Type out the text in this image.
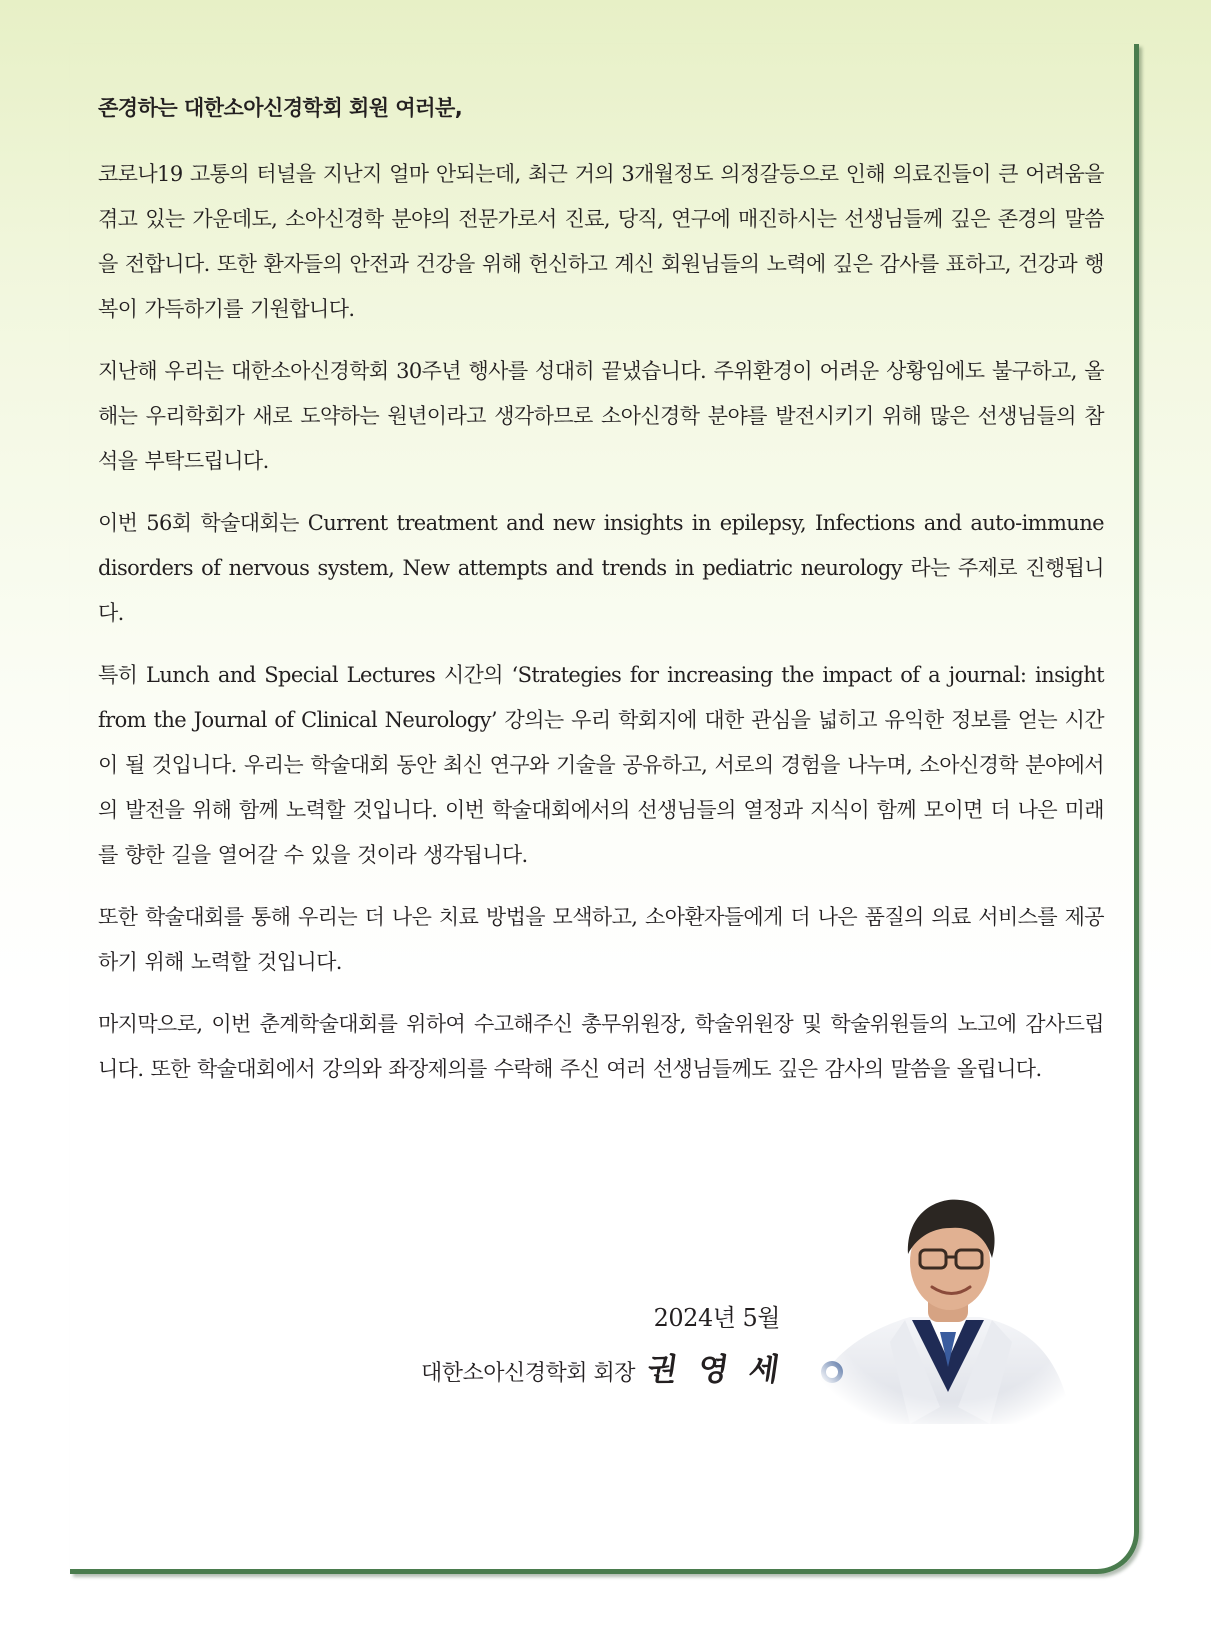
존경하는 대한소아신경학회 회원 여러분,

코로나19 고통의 터널을 지난지 얼마 안되는데, 최근 거의 3개월정도 의정갈등으로 인해 의료진들이 큰 어려움을 겪고 있는 가운데도, 소아신경학 분야의 전문가로서 진료, 당직, 연구에 매진하시는 선생님들께 깊은 존경의 말씀을 전합니다. 또한 환자들의 안전과 건강을 위해 헌신하고 계신 회원님들의 노력에 깊은 감사를 표하고, 건강과 행복이 가득하기를 기원합니다.

지난해 우리는 대한소아신경학회 30주년 행사를 성대히 끝냈습니다. 주위환경이 어려운 상황임에도 불구하고, 올해는 우리학회가 새로 도약하는 원년이라고 생각하므로 소아신경학 분야를 발전시키기 위해 많은 선생님들의 참석을 부탁드립니다.

이번 56회 학술대회는 Current treatment and new insights in epilepsy, Infections and auto-immune disorders of nervous system, New attempts and trends in pediatric neurology 라는 주제로 진행됩니다.

특히 Lunch and Special Lectures 시간의 ‘Strategies for increasing the impact of a journal: insight from the Journal of Clinical Neurology’ 강의는 우리 학회지에 대한 관심을 넓히고 유익한 정보를 얻는 시간이 될 것입니다. 우리는 학술대회 동안 최신 연구와 기술을 공유하고, 서로의 경험을 나누며, 소아신경학 분야에서의 발전을 위해 함께 노력할 것입니다. 이번 학술대회에서의 선생님들의 열정과 지식이 함께 모이면 더 나은 미래를 향한 길을 열어갈 수 있을 것이라 생각됩니다.

또한 학술대회를 통해 우리는 더 나은 치료 방법을 모색하고, 소아환자들에게 더 나은 품질의 의료 서비스를 제공하기 위해 노력할 것입니다.

마지막으로, 이번 춘계학술대회를 위하여 수고해주신 총무위원장, 학술위원장 및 학술위원들의 노고에 감사드립니다. 또한 학술대회에서 강의와 좌장제의를 수락해 주신 여러 선생님들께도 깊은 감사의 말씀을 올립니다.

2024년 5월
대한소아신경학회 회장 권 영 세
